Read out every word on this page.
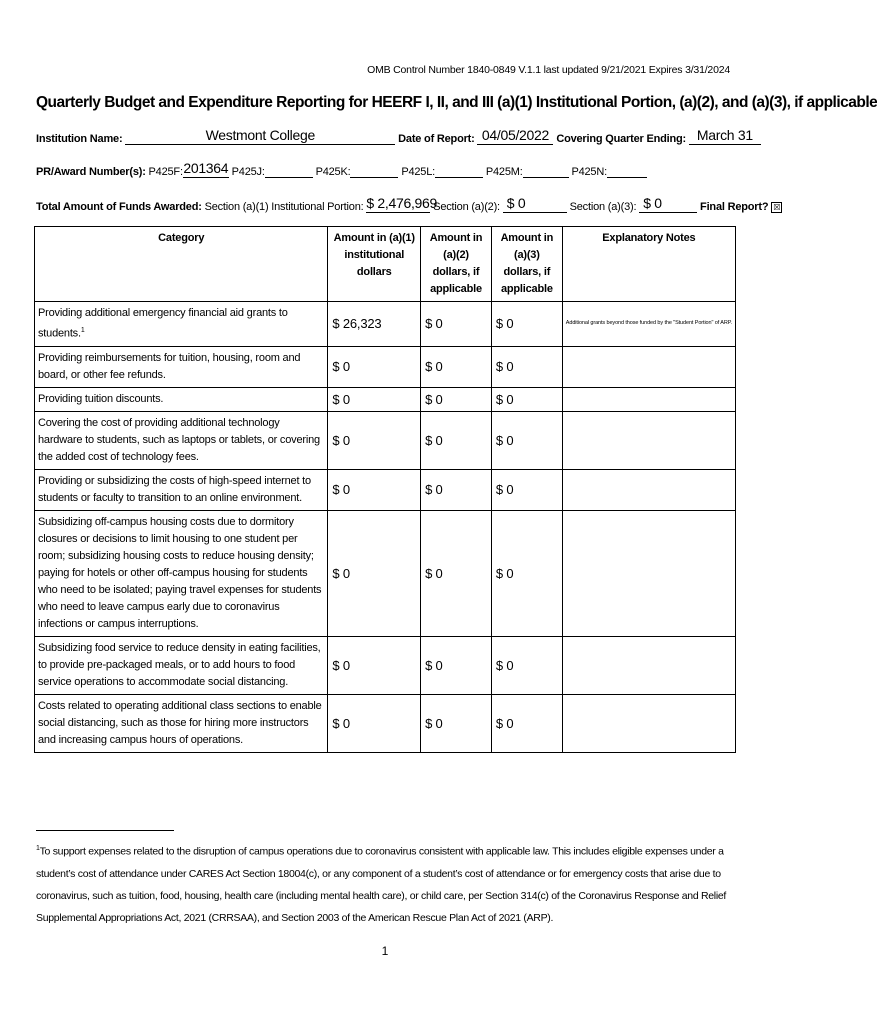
OMB Control Number 1840-0849 V.1.1 last updated 9/21/2021 Expires 3/31/2024
Quarterly Budget and Expenditure Reporting for HEERF I, II, and III (a)(1) Institutional Portion, (a)(2), and (a)(3), if applicable
Institution Name:	Westmont College	Date of Report: 04/05/2022 Covering Quarter Ending: March 31
PR/Award Number(s): P425F: 201364 P425J:	P425K:	P425L:	P425M:	P425N:
Total Amount of Funds Awarded: Section (a)(1) Institutional Portion: $ 2,476,969
Section (a)(2): $ 0	Section (a)(3): $ 0	Final Report? ☒
Category	Amount in (a)(1) institutional dollars	Amount in (a)(2) dollars, if applicable	Amount in (a)(3) dollars, if applicable	Explanatory Notes
Providing additional emergency financial aid grants to students.$^1$	$ 26,323	$ 0	$ 0	Additional grants beyond those funded by the "Student Portion" of ARP.
Providing reimbursements for tuition, housing, room and board, or other fee refunds.	$ 0	$ 0	$ 0	
Providing tuition discounts.	$ 0	$ 0	$ 0	
Covering the cost of providing additional technology hardware to students, such as laptops or tablets, or covering the added cost of technology fees.	$ 0	$ 0	$ 0	
Providing or subsidizing the costs of high-speed internet to students or faculty to transition to an online environment.	$ 0	$ 0	$ 0	
Subsidizing off-campus housing costs due to dormitory closures or decisions to limit housing to one student per room; subsidizing housing costs to reduce housing density; paying for hotels or other off-campus housing for students who need to be isolated; paying travel expenses for students who need to leave campus early due to coronavirus infections or campus interruptions.	$ 0	$ 0	$ 0	
Subsidizing food service to reduce density in eating facilities, to provide pre-packaged meals, or to add hours to food service operations to accommodate social distancing.	$ 0	$ 0	$ 0	
Costs related to operating additional class sections to enable social distancing, such as those for hiring more instructors and increasing campus hours of operations.	$ 0	$ 0	$ 0	
$^1$To support expenses related to the disruption of campus operations due to coronavirus consistent with applicable law. This includes eligible expenses under a student’s cost of attendance under CARES Act Section 18004(c), or any component of a student’s cost of attendance or for emergency costs that arise due to coronavirus, such as tuition, food, housing, health care (including mental health care), or child care, per Section 314(c) of the Coronavirus Response and Relief Supplemental Appropriations Act, 2021 (CRRSAA), and Section 2003 of the American Rescue Plan Act of 2021 (ARP).
1
